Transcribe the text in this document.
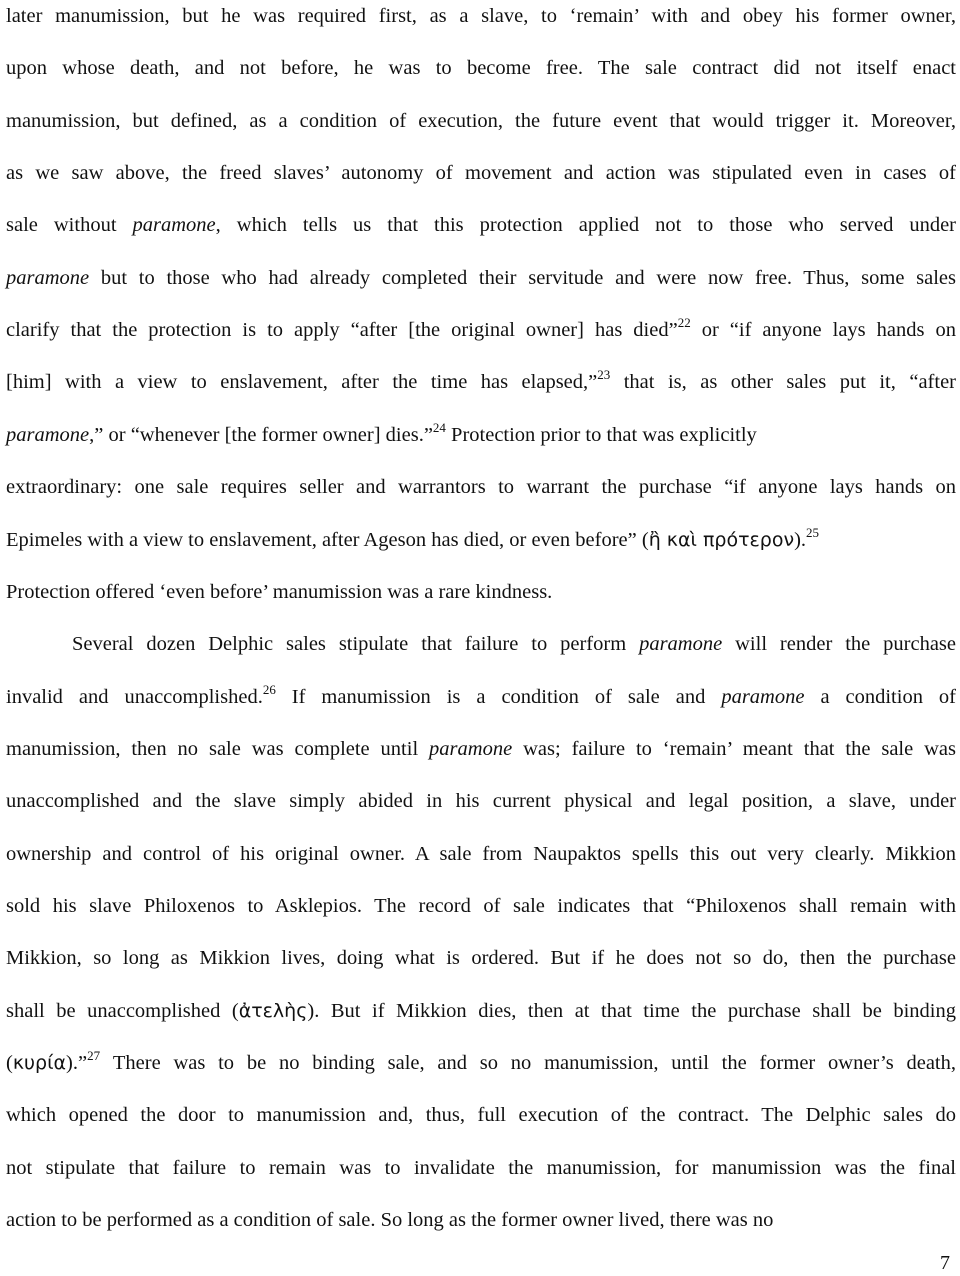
later manumission, but he was required first, as a slave, to ‘remain’ with and obey his former owner,
upon whose death, and not before, he was to become free. The sale contract did not itself enact
manumission, but defined, as a condition of execution, the future event that would trigger it. Moreover,
as we saw above, the freed slaves’ autonomy of movement and action was stipulated even in cases of
sale without paramone, which tells us that this protection applied not to those who served under
paramone but to those who had already completed their servitude and were now free. Thus, some sales
clarify that the protection is to apply “after [the original owner] has died”$^{22}$ or “if anyone lays hands on
[him] with a view to enslavement, after the time has elapsed,”$^{23}$ that is, as other sales put it, “after
paramone,” or “whenever [the former owner] dies.”$^{24}$ Protection prior to that was explicitly
extraordinary: one sale requires seller and warrantors to warrant the purchase “if anyone lays hands on
Epimeles with a view to enslavement, after Ageson has died, or even before” (ἢ καὶ πρότερον).$^{25}$
Protection offered ‘even before’ manumission was a rare kindness.
Several dozen Delphic sales stipulate that failure to perform paramone will render the purchase
invalid and unaccomplished.$^{26}$ If manumission is a condition of sale and paramone a condition of
manumission, then no sale was complete until paramone was; failure to ‘remain’ meant that the sale was
unaccomplished and the slave simply abided in his current physical and legal position, a slave, under
ownership and control of his original owner. A sale from Naupaktos spells this out very clearly. Mikkion
sold his slave Philoxenos to Asklepios. The record of sale indicates that “Philoxenos shall remain with
Mikkion, so long as Mikkion lives, doing what is ordered. But if he does not so do, then the purchase
shall be unaccomplished (ἀτελὴς). But if Mikkion dies, then at that time the purchase shall be binding
(κυρία).”$^{27}$ There was to be no binding sale, and so no manumission, until the former owner’s death,
which opened the door to manumission and, thus, full execution of the contract. The Delphic sales do
not stipulate that failure to remain was to invalidate the manumission, for manumission was the final
action to be performed as a condition of sale. So long as the former owner lived, there was no
7
